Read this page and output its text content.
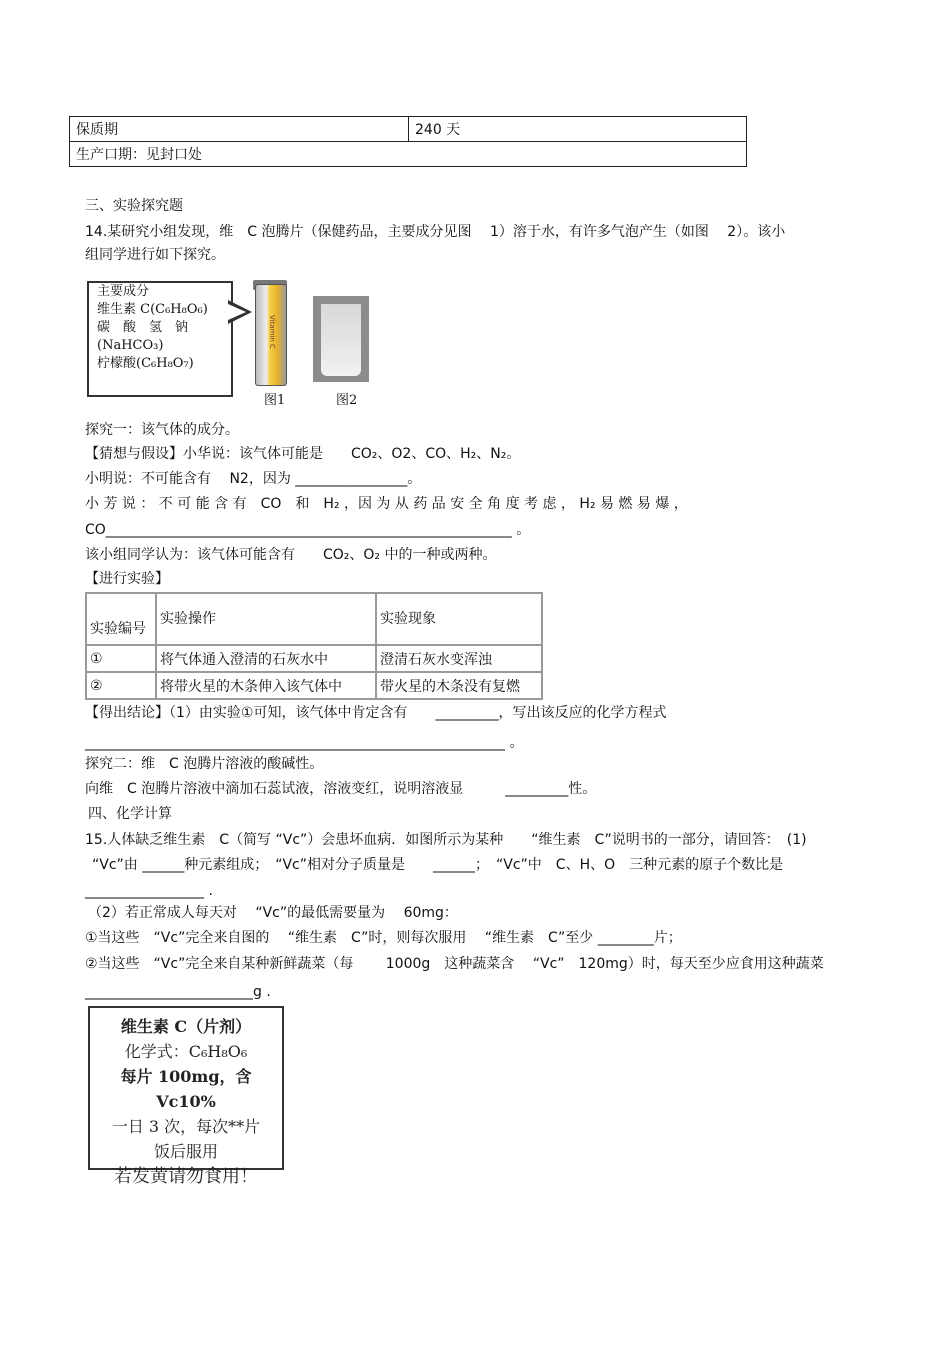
保质期	240 天
生产口期：见封口处
三、实验探究题
14.某研究小组发现，维　C 泡腾片（保健药品，主要成分见图　 1）溶于水，有许多气泡产生（如图　 2）。该小
组同学进行如下探究。
主要成分
维生素 C(C₆H₈O₆)
碳　酸　氢　钠
(NaHCO₃)
柠檬酸(C₆H₈O₇)
Vitamin C
图1	图2
探究一：该气体的成分。
【猜想与假设】小华说：该气体可能是　　CO₂、O2、CO、H₂、N₂。
小明说：不可能含有　 N2，因为 ________________。
小 芳 说 ： 不 可 能 含 有　CO　和　H₂ ，因 为 从 药 品 安 全 角 度 考 虑 ， H₂ 易 燃 易 爆 ，
CO__________________________________________________________ 。
该小组同学认为：该气体可能含有　　CO₂、O₂ 中的一种或两种。
【进行实验】
实验编号	实验操作	实验现象
①	将气体通入澄清的石灰水中	澄清石灰水变浑浊
②	将带火星的木条伸入该气体中	带火星的木条没有复燃
【得出结论】（1）由实验①可知，该气体中肯定含有　　_________，写出该反应的化学方程式
____________________________________________________________ 。
探究二：维　C 泡腾片溶液的酸碱性。
向维　C 泡腾片溶液中滴加石蕊试液，溶液变红，说明溶液显　　　_________性。
四、化学计算
15.人体缺乏维生素　C（简写 “Vc”）会患坏血病．如图所示为某种　　“维生素　C”说明书的一部分，请回答：　(1)
“Vc”由 ______种元素组成；　“Vc”相对分子质量是　　______；　“Vc”中　C、H、O　三种元素的原子个数比是
_________________ .
（2）若正常成人每天对　 “Vc”的最低需要量为　 60mg：
①当这些　“Vc”完全来自图的　 “维生素　C”时，则每次服用　 “维生素　C”至少 ________片；
②当这些　“Vc”完全来自某种新鲜蔬菜（每　　 1000g　这种蔬菜含　 “Vc”　120mg）时，每天至少应食用这种蔬菜
________________________g .
维生素 C（片剂）
化学式：C₆H₈O₆
每片 100mg，含 Vc10%
一日 3 次，每次**片
饭后服用
若发黄请勿食用！
